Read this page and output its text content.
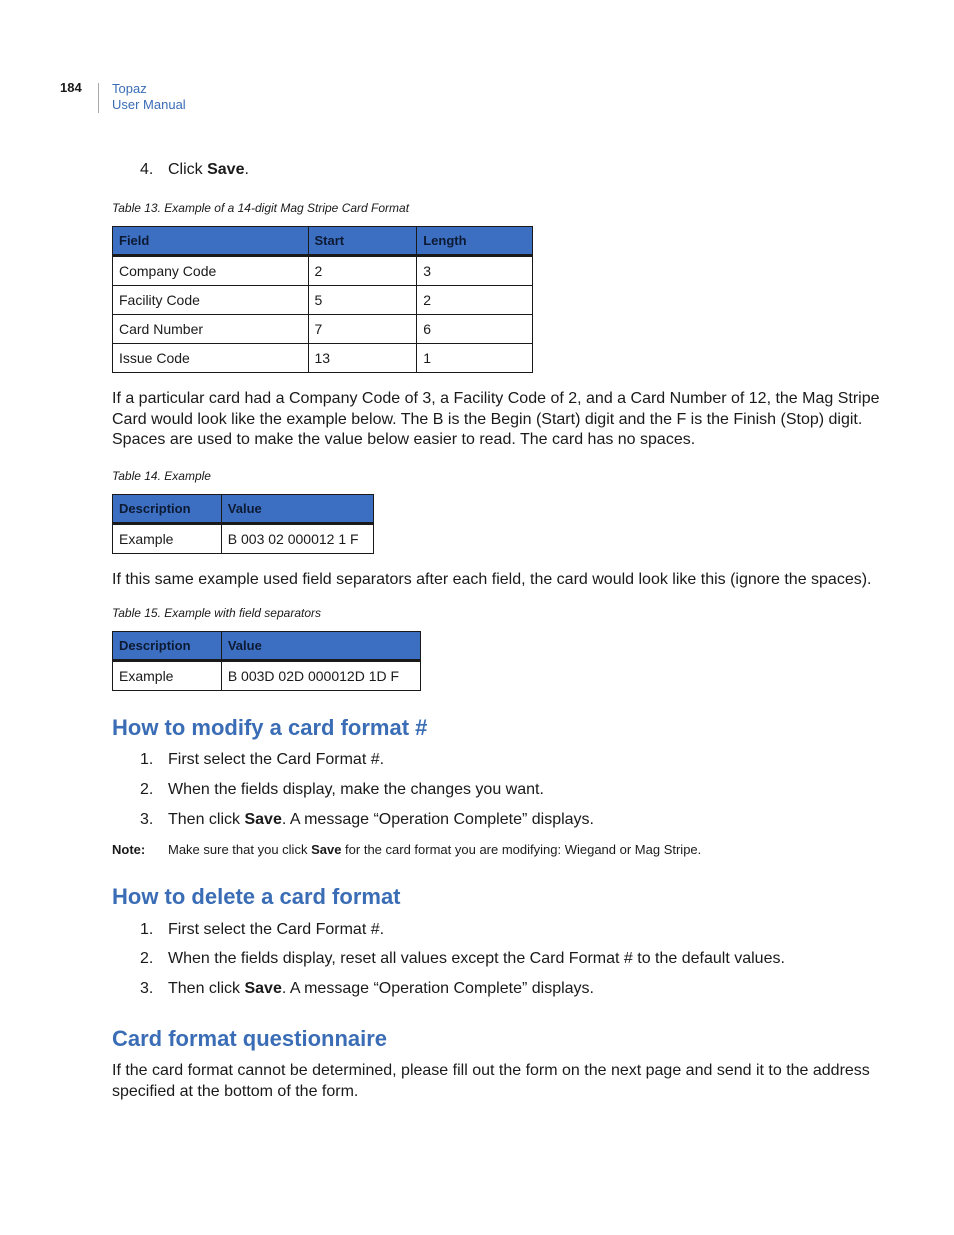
184 Topaz
User Manual
4. Click Save.
Table 13. Example of a 14-digit Mag Stripe Card Format
Field	Start	Length
Company Code	2	3
Facility Code	5	2
Card Number	7	6
Issue Code	13	1

If a particular card had a Company Code of 3, a Facility Code of 2, and a Card Number of 12, the Mag Stripe Card would look like the example below. The B is the Begin (Start) digit and the F is the Finish (Stop) digit. Spaces are used to make the value below easier to read. The card has no spaces.

Table 14. Example
Description	Value
Example	B 003 02 000012 1 F

If this same example used field separators after each field, the card would look like this (ignore the spaces).

Table 15. Example with field separators
Description	Value
Example	B 003D 02D 000012D 1D F
How to modify a card format #
1. First select the Card Format #.
2. When the fields display, make the changes you want.
3. Then click Save. A message “Operation Complete” displays.
Note: Make sure that you click Save for the card format you are modifying: Wiegand or Mag Stripe.
How to delete a card format
1. First select the Card Format #.
2. When the fields display, reset all values except the Card Format # to the default values.
3. Then click Save. A message “Operation Complete” displays.
Card format questionnaire

If the card format cannot be determined, please fill out the form on the next page and send it to the address specified at the bottom of the form.
